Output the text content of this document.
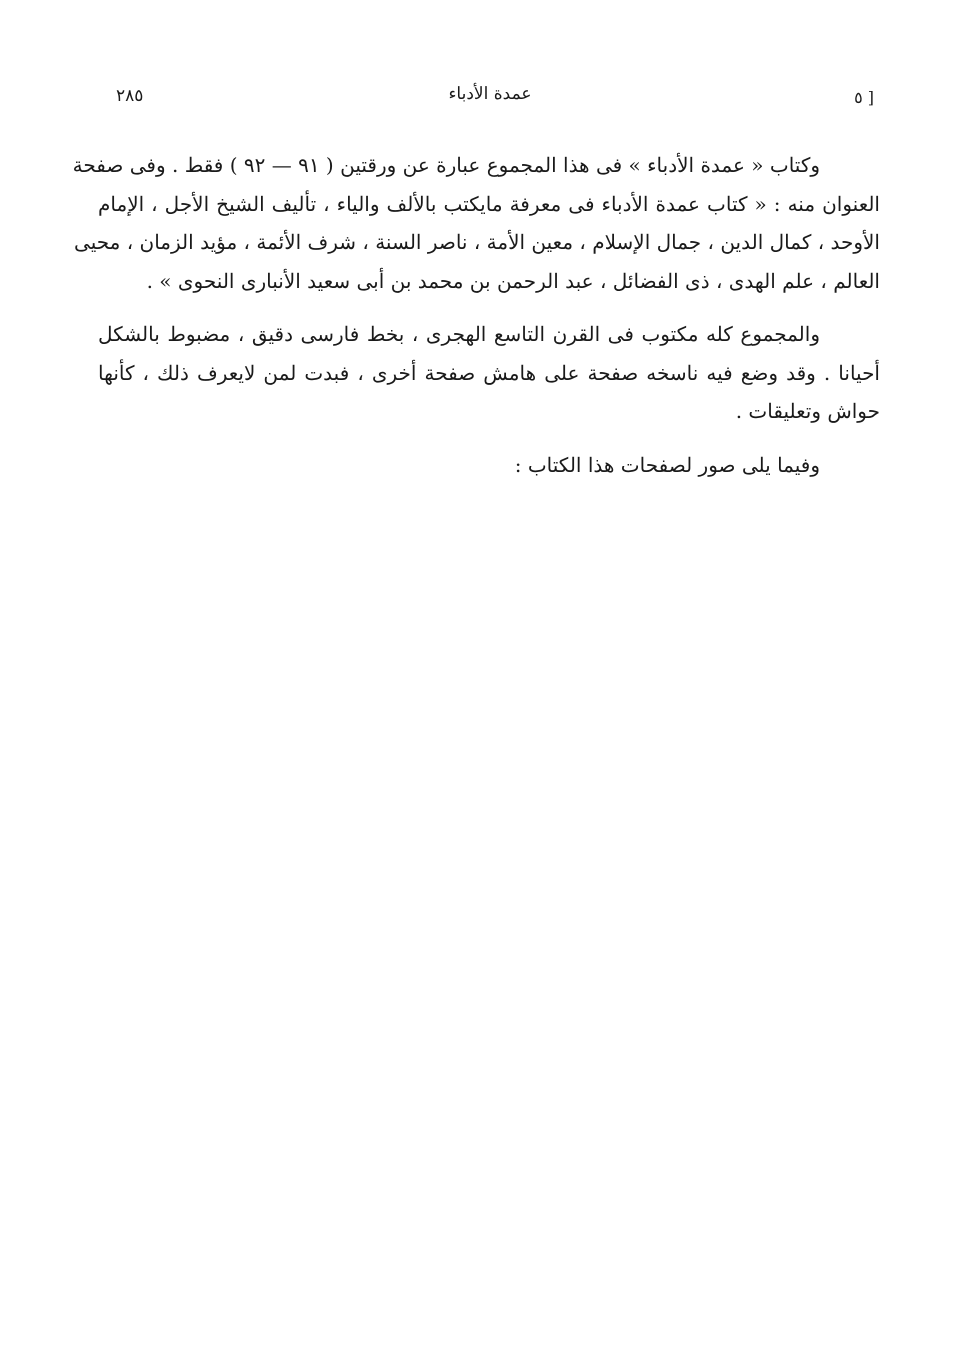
[ ٥
عمدة الأدباء
٢٨٥
وكتاب « عمدة الأدباء » فى هذا المجموع عبارة عن ورقتين ( ٩١ — ٩٢ ) فقط . وفى صفحة
العنوان منه : « كتاب عمدة الأدباء فى معرفة مايكتب بالألف والياء ، تأليف الشيخ الأجل ، الإمام
الأوحد ، كمال الدين ، جمال الإسلام ، معين الأمة ، ناصر السنة ، شرف الأئمة ، مؤيد الزمان ، محيى
العالم ، علم الهدى ، ذى الفضائل ، عبد الرحمن بن محمد بن أبى سعيد الأنبارى النحوى » .
والمجموع كله مكتوب فى القرن التاسع الهجرى ، بخط فارسى دقيق ، مضبوط بالشكل
أحيانا . وقد وضع فيه ناسخه صفحة على هامش صفحة أخرى ، فبدت لمن لايعرف ذلك ، كأنها
حواش وتعليقات .
وفيما يلى صور لصفحات هذا الكتاب :
